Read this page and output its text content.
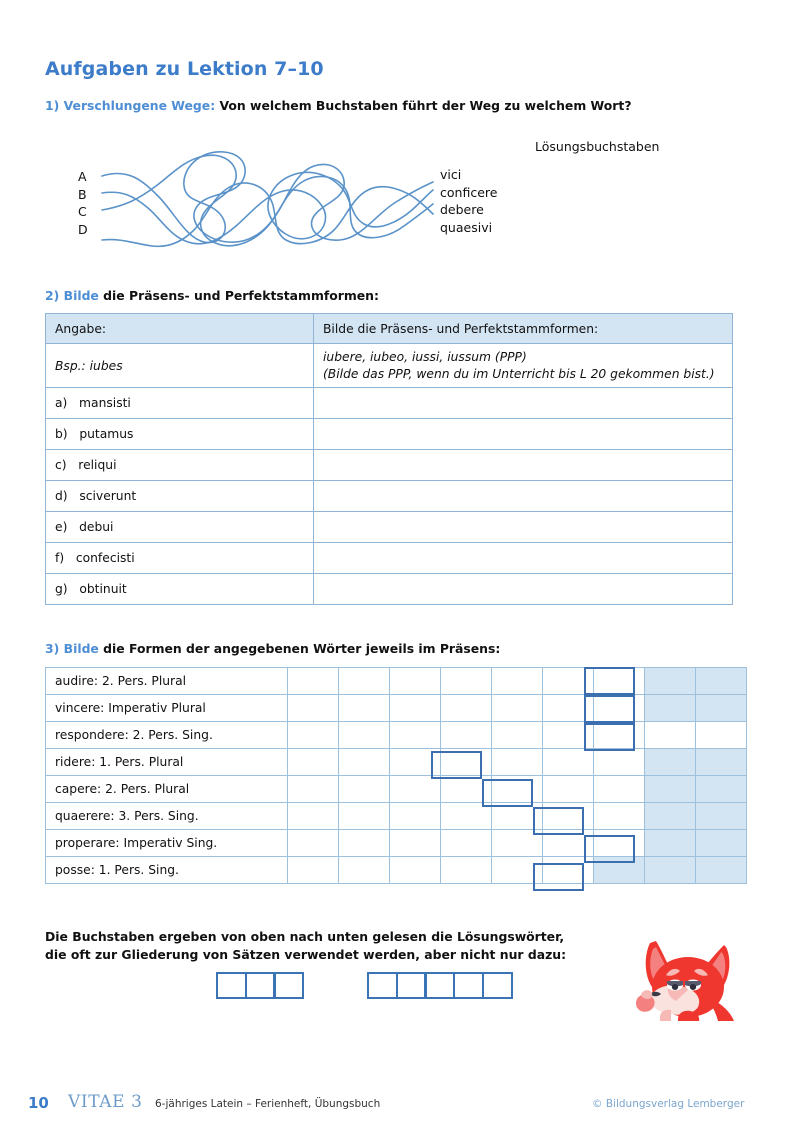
Aufgaben zu Lektion 7–10
1) Verschlungene Wege: Von welchem Buchstaben führt der Weg zu welchem Wort?
Lösungsbuchstaben
A
B
C
D
vici
conficere
debere
quaesivi
2) Bilde die Präsens- und Perfektstammformen:
Angabe:	Bilde die Präsens- und Perfektstammformen:
Bsp.: iubes	iubere, iubeo, iussi, iussum (PPP)
(Bilde das PPP, wenn du im Unterricht bis L 20 gekommen bist.)
a)   mansisti	
b)   putamus	
c)   reliqui	
d)   sciverunt	
e)   debui	
f)   confecisti	
g)   obtinuit	
3) Bilde die Formen der angegebenen Wörter jeweils im Präsens:
audire: 2. Pers. Plural									
vincere: Imperativ Plural									
respondere: 2. Pers. Sing.									
ridere: 1. Pers. Plural									
capere: 2. Pers. Plural									
quaerere: 3. Pers. Sing.									
properare: Imperativ Sing.									
posse: 1. Pers. Sing.									
Die Buchstaben ergeben von oben nach unten gelesen die Lösungswörter,
die oft zur Gliederung von Sätzen verwendet werden, aber nicht nur dazu:
10 VITAE 3 6-jähriges Latein – Ferienheft, Übungsbuch	© Bildungsverlag Lemberger
